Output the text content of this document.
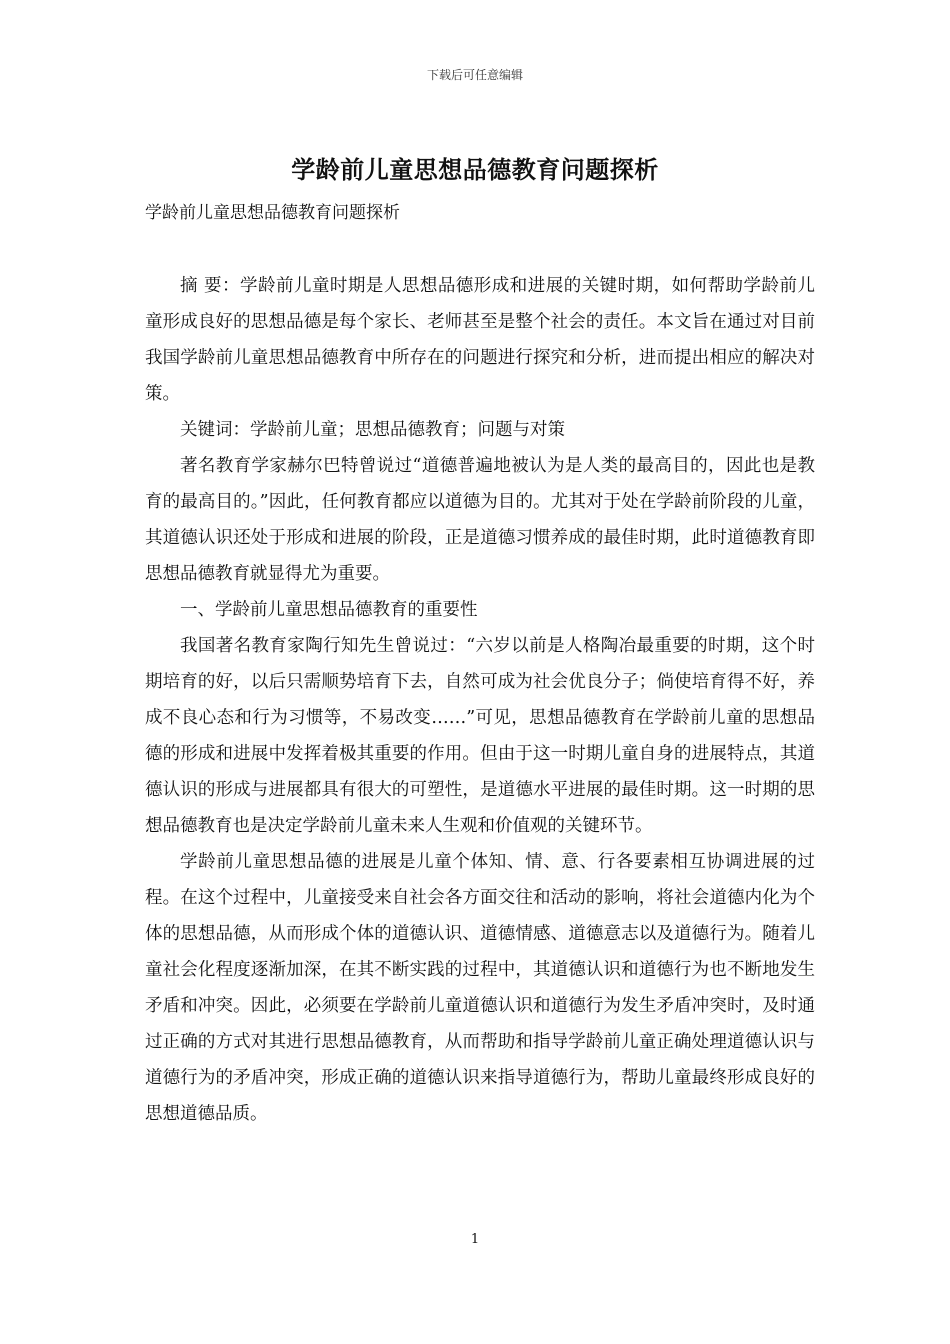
下载后可任意编辑
学龄前儿童思想品德教育问题探析
学龄前儿童思想品德教育问题探析

摘 要：学龄前儿童时期是人思想品德形成和进展的关键时期，如何帮助学龄前儿童形成良好的思想品德是每个家长、老师甚至是整个社会的责任。本文旨在通过对目前我国学龄前儿童思想品德教育中所存在的问题进行探究和分析，进而提出相应的解决对策。

关键词：学龄前儿童；思想品德教育；问题与对策

著名教育学家赫尔巴特曾说过“道德普遍地被认为是人类的最高目的，因此也是教育的最高目的。”因此，任何教育都应以道德为目的。尤其对于处在学龄前阶段的儿童，其道德认识还处于形成和进展的阶段，正是道德习惯养成的最佳时期，此时道德教育即思想品德教育就显得尤为重要。

一、学龄前儿童思想品德教育的重要性

我国著名教育家陶行知先生曾说过：“六岁以前是人格陶冶最重要的时期，这个时期培育的好，以后只需顺势培育下去，自然可成为社会优良分子；倘使培育得不好，养成不良心态和行为习惯等，不易改变……”可见，思想品德教育在学龄前儿童的思想品德的形成和进展中发挥着极其重要的作用。但由于这一时期儿童自身的进展特点，其道德认识的形成与进展都具有很大的可塑性，是道德水平进展的最佳时期。这一时期的思想品德教育也是决定学龄前儿童未来人生观和价值观的关键环节。

学龄前儿童思想品德的进展是儿童个体知、情、意、行各要素相互协调进展的过程。在这个过程中，儿童接受来自社会各方面交往和活动的影响，将社会道德内化为个体的思想品德，从而形成个体的道德认识、道德情感、道德意志以及道德行为。随着儿童社会化程度逐渐加深，在其不断实践的过程中，其道德认识和道德行为也不断地发生矛盾和冲突。因此，必须要在学龄前儿童道德认识和道德行为发生矛盾冲突时，及时通过正确的方式对其进行思想品德教育，从而帮助和指导学龄前儿童正确处理道德认识与道德行为的矛盾冲突，形成正确的道德认识来指导道德行为，帮助儿童最终形成良好的思想道德品质。

1
